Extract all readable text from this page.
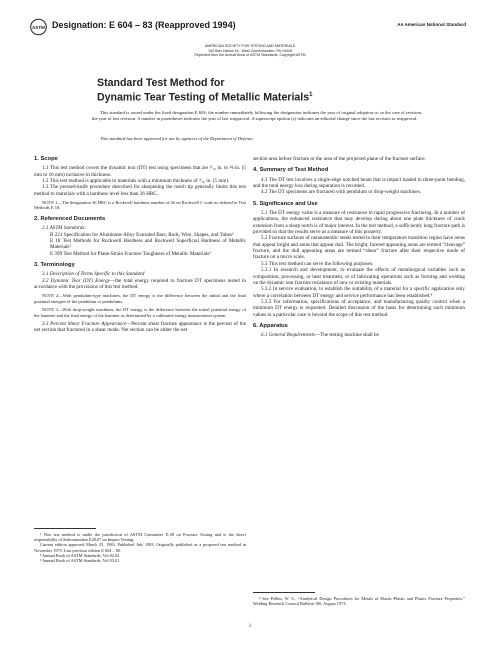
ASTM Designation: E 604 – 83 (Reapproved 1994)	An American National Standard
AMERICAN SOCIETY FOR TESTING AND MATERIALS
100 Barr Harbor Dr., West Conshohocken, PA 19428
Reprinted from the Annual Book of ASTM Standards, Copyright ASTM
Standard Test Method for
Dynamic Tear Testing of Metallic Materials$^1$

This standard is issued under the fixed designation E 604; the number immediately following the designation indicates the year of original adoption or, in the case of revision, the year of last revision. A number in parentheses indicates the year of last reapproval. A superscript epsilon (ε) indicates an editorial change since the last revision or reapproval.

This standard has been approved for use by agencies of the Department of Defense.
1. Scope

1.1 This test method covers the dynamic tear (DT) test using specimens that are ³⁄₁₆ in. to ⅝ in. (5 mm to 16 mm) inclusive in thickness.

1.2 This test method is applicable to materials with a minimum thickness of ³⁄₁₆ in. (5 mm).

1.3 The pressed-knife procedure described for sharpening the notch tip generally limits this test method to materials with a hardness level less than 36 HRC.

NOTE 1—The designation 36 HRC is a Rockwell hardness number of 36 on Rockwell C scale as defined in Test Methods E 18.

2. Referenced Documents

2.1 ASTM Standards:

B 221 Specification for Aluminum-Alloy Extruded Bars, Rods, Wire, Shapes, and Tubes²

E 18 Test Methods for Rockwell Hardness and Rockwell Superficial Hardness of Metallic Materials³

E 399 Test Method for Plane-Strain Fracture Toughness of Metallic Materials³

3. Terminology

3.1 Description of Terms Specific to this Standard

3.2 Dynamic Tear (DT) Energy—the total energy required to fracture DT specimens tested in accordance with the provisions of this test method.

NOTE 2—With pendulum-type machines, the DT energy is the difference between the initial and the final potential energies of the pendulum or pendulums.

NOTE 3—With drop-weight machines, the DT energy is the difference between the initial potential energy of the hammer and the final energy of the hammer as determined by a calibrated energy measurement system.

3.3 Percent Shear Fracture Appearance—Percent shear fracture appearance is the percent of the net section that fractured in a shear mode. Net section can be either the net

¹ This test method is under the jurisdiction of ASTM Committee E-28 on Fracture Testing and is the direct responsibility of Subcommittee E28.07 on Impact Testing.

Current edition approved March 25, 1983. Published July 1983. Originally published as a proposed test method in November 1975. Last previous edition E 604 – 80.

² Annual Book of ASTM Standards, Vol 02.02.

³ Annual Book of ASTM Standards, Vol 03.01.

section area before fracture or the area of the projected plane of the fracture surface.

4. Summary of Test Method

4.1 The DT test involves a single-edge notched beam that is impact loaded in three-point bending, and the total energy loss during separation is recorded.

4.2 The DT specimens are fractured with pendulum or drop-weight machines.

5. Significance and Use

5.1 The DT energy value is a measure of resistance to rapid progressive fracturing. In a number of applications, the enhanced resistance that may develop during about one plate thickness of crack extension from a sharp notch is of major interest. In the test method, a sufficiently long fracture path is provided so that the results serve as a measure of this property.

5.2 Fracture surfaces of nonaustenitic steels tested in their temperature transition region have areas that appear bright and areas that appear dull. The bright, faceted appearing areas are termed “cleavage” fracture, and the dull appearing areas are termed “shear” fracture after their respective mode of fracture on a micro scale.

5.3 This test method can serve the following purposes:

5.3.1 In research and development, to evaluate the effects of metallurgical variables such as composition, processing, or heat treatment, or of fabricating operations such as forming and welding on the dynamic tear fracture resistance of new or existing materials.

5.3.2 In service evaluation, to establish the suitability of a material for a specific application only where a correlation between DT energy and service performance has been established.⁴

5.3.3 For information, specifications of acceptance, and manufacturing quality control when a minimum DT energy is requested. Detailed discussion of the basis for determining such minimum values in a particular case is beyond the scope of this test method.

6. Apparatus

6.1 General Requirements—The testing machine shall be

⁴ See Pellini, W. S., “Analytical Design Procedures for Metals of Elastic-Plastic and Plastic Fracture Properties,” Welding Research Council Bulletin 186, August 1973.

1
